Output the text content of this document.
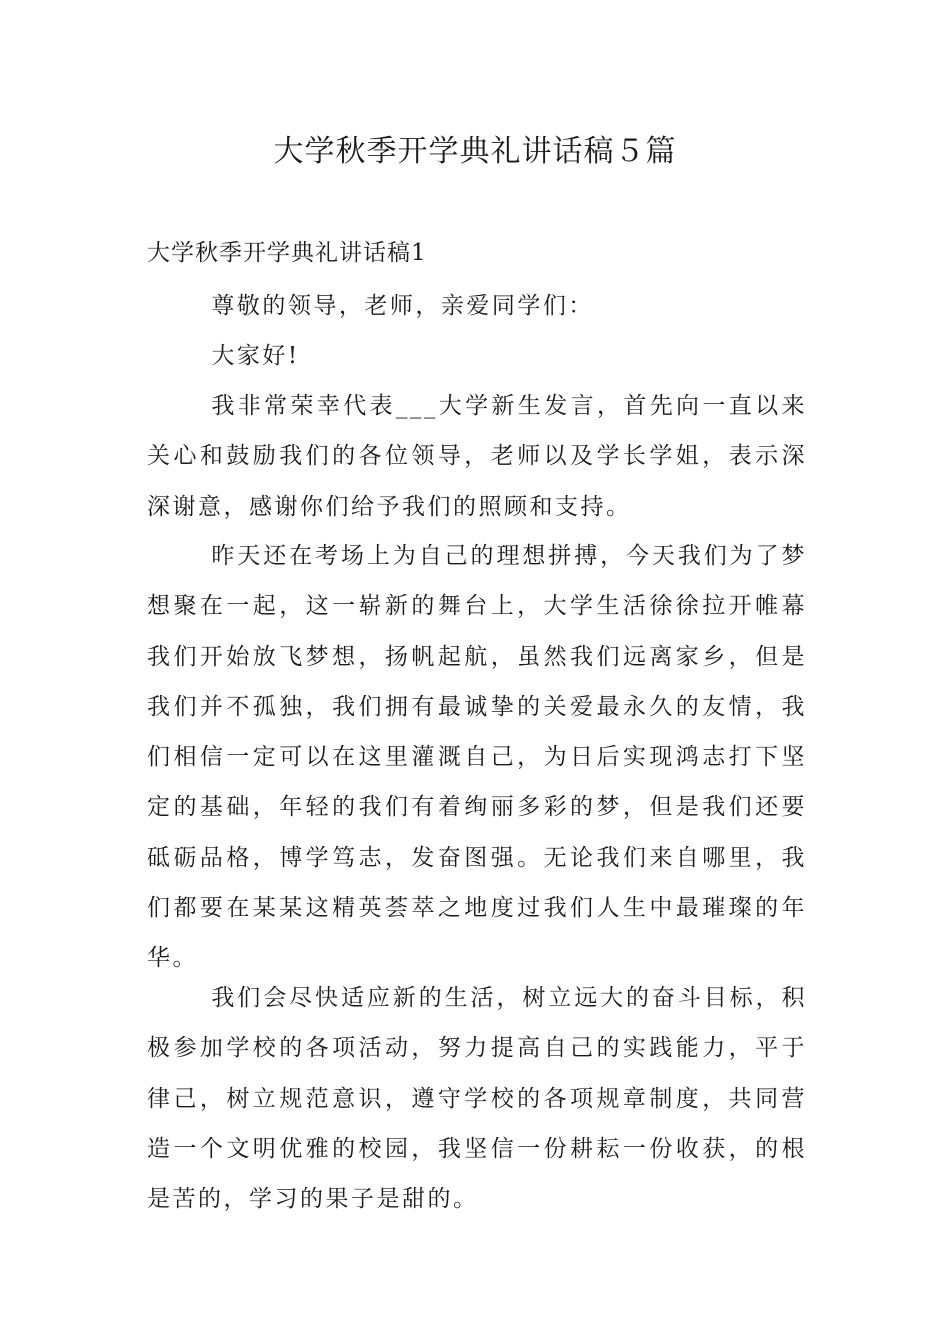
大学秋季开学典礼讲话稿５篇

大学秋季开学典礼讲话稿1

尊敬的领导，老师，亲爱同学们：

大家好!

我非常荣幸代表___大学新生发言，首先向一直以来关心和鼓励我们的各位领导，老师以及学长学姐，表示深深谢意，感谢你们给予我们的照顾和支持。

昨天还在考场上为自己的理想拼搏，今天我们为了梦想聚在一起，这一崭新的舞台上，大学生活徐徐拉开帷幕我们开始放飞梦想，扬帆起航，虽然我们远离家乡，但是我们并不孤独，我们拥有最诚挚的关爱最永久的友情，我们相信一定可以在这里灌溉自己，为日后实现鸿志打下坚定的基础，年轻的我们有着绚丽多彩的梦，但是我们还要砥砺品格，博学笃志，发奋图强。无论我们来自哪里，我们都要在某某这精英荟萃之地度过我们人生中最璀璨的年华。

我们会尽快适应新的生活，树立远大的奋斗目标，积极参加学校的各项活动，努力提高自己的实践能力，平于律己，树立规范意识，遵守学校的各项规章制度，共同营造一个文明优雅的校园，我坚信一份耕耘一份收获，的根是苦的，学习的果子是甜的。
